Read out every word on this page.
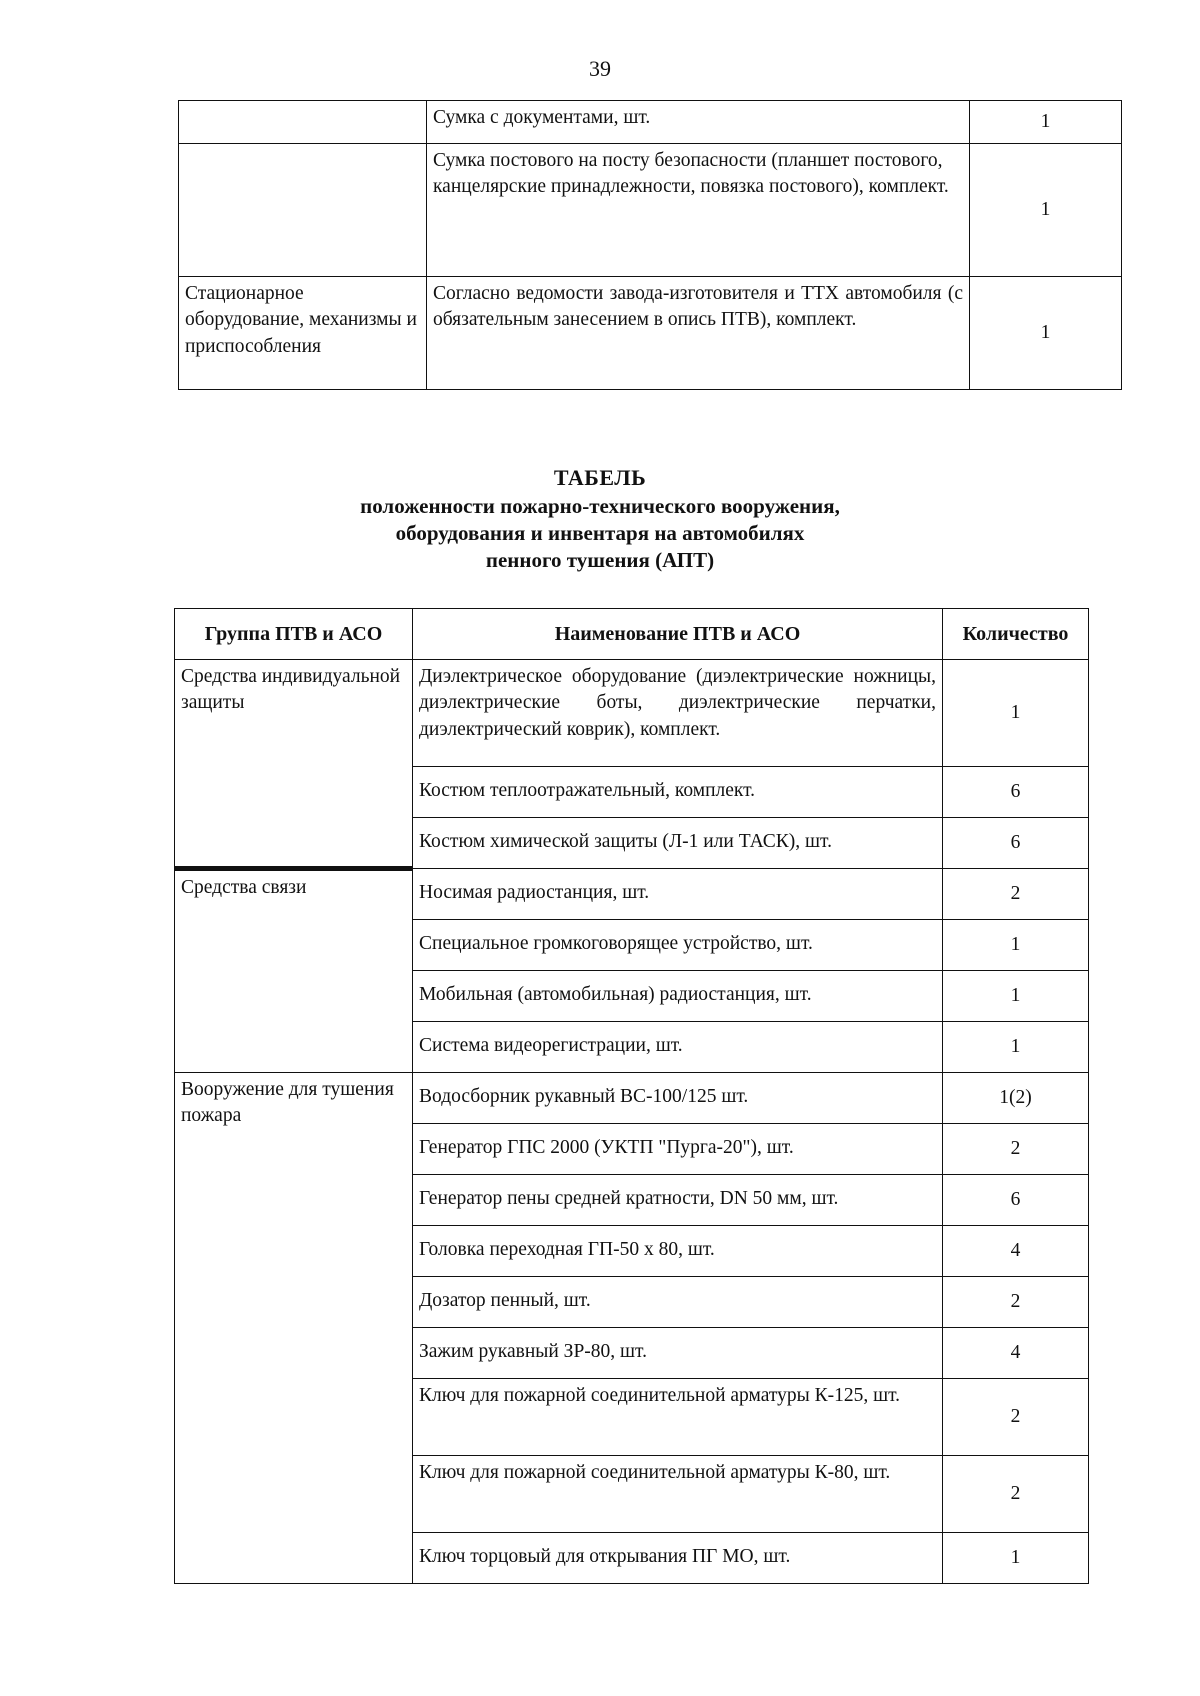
39
	Сумка с документами, шт.	1
	Сумка постового на посту безопасности (планшет постового, канцелярские принадлежности, повязка постового), комплект.	1
Стационарное оборудование, механизмы и приспособления	Согласно ведомости завода-изготовителя и ТТХ автомобиля (с обязательным занесением в опись ПТВ), комплект.	1
ТАБЕЛЬ
положенности пожарно-технического вооружения,
оборудования и инвентаря на автомобилях
пенного тушения (АПТ)
Группа ПТВ и АСО	Наименование ПТВ и АСО	Количество
Средства индивидуальной защиты	Диэлектрическое оборудование (диэлектрические ножницы, диэлектрические боты, диэлектрические перчатки, диэлектрический коврик), комплект.	1
	Костюм теплоотражательный, комплект.	6
	Костюм химической защиты (Л-1 или ТАСК), шт.	6
Средства связи	Носимая радиостанция, шт.	2
	Специальное громкоговорящее устройство, шт.	1
	Мобильная (автомобильная) радиостанция, шт.	1
	Система видеорегистрации, шт.	1
Вооружение для тушения пожара	Водосборник рукавный ВС-100/125 шт.	1(2)
	Генератор ГПС 2000 (УКТП "Пурга-20"), шт.	2
	Генератор пены средней кратности, DN 50 мм, шт.	6
	Головка переходная ГП-50 х 80, шт.	4
	Дозатор пенный, шт.	2
	Зажим рукавный ЗР-80, шт.	4
	Ключ для пожарной соединительной арматуры К-125, шт.	2
	Ключ для пожарной соединительной арматуры К-80, шт.	2
	Ключ торцовый для открывания ПГ МО, шт.	1
